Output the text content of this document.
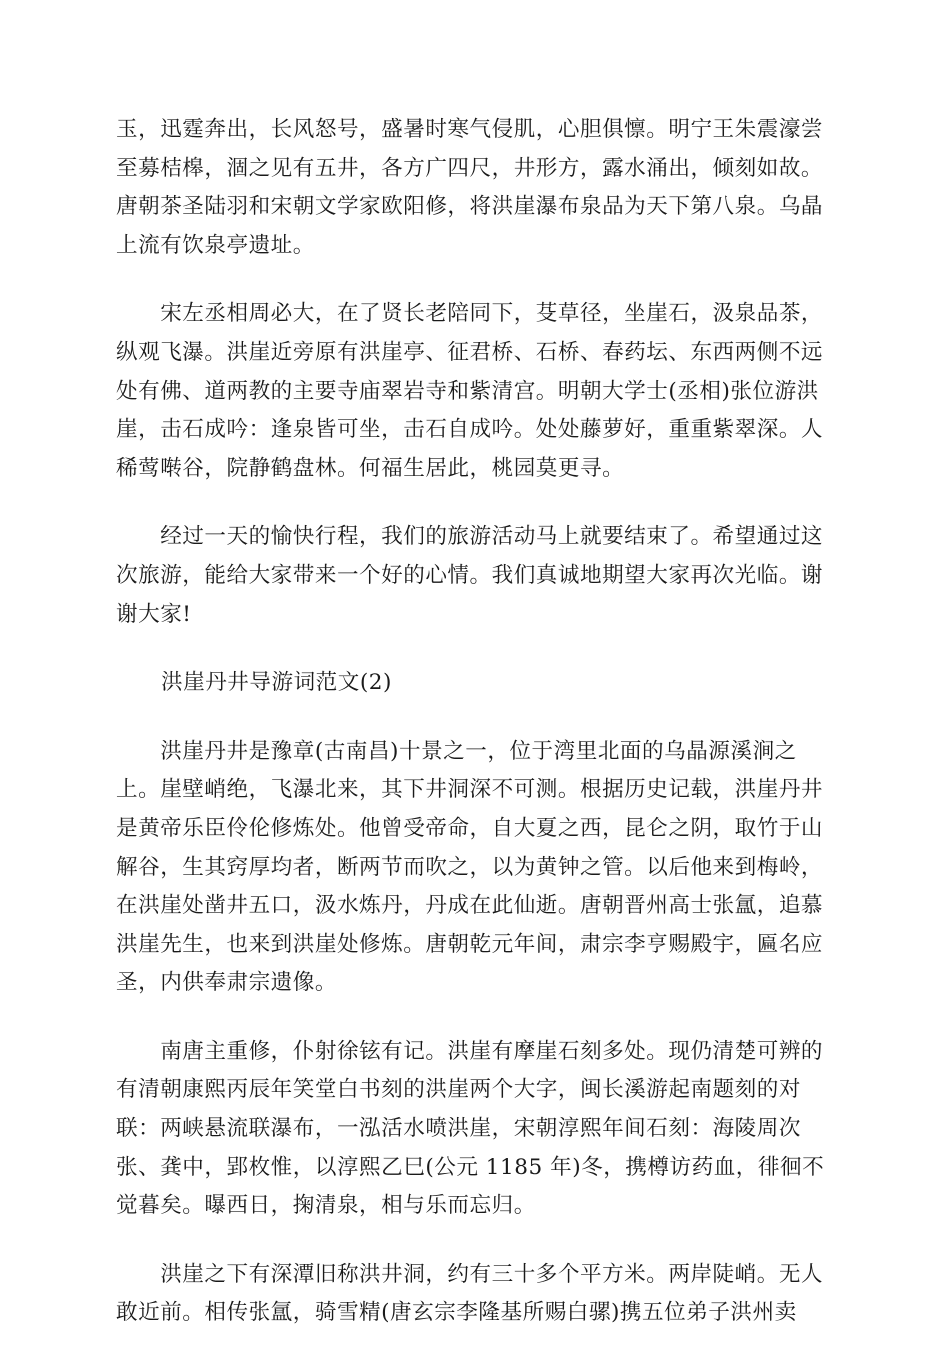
玉，迅霆奔出，长风怒号，盛暑时寒气侵肌，心胆俱懔。明宁王朱震濠尝
至募桔槔，涸之见有五井，各方广四尺，井形方，露水涌出，倾刻如故。
唐朝茶圣陆羽和宋朝文学家欧阳修，将洪崖瀑布泉品为天下第八泉。乌晶
上流有饮泉亭遗址。
　　宋左丞相周必大，在了贤长老陪同下，芟草径，坐崖石，汲泉品茶，
纵观飞瀑。洪崖近旁原有洪崖亭、征君桥、石桥、春药坛、东西两侧不远
处有佛、道两教的主要寺庙翠岩寺和紫清宫。明朝大学士(丞相)张位游洪
崖，击石成吟：逢泉皆可坐，击石自成吟。处处藤萝好，重重紫翠深。人
稀莺啭谷，院静鹤盘林。何福生居此，桃园莫更寻。
　　经过一天的愉快行程，我们的旅游活动马上就要结束了。希望通过这
次旅游，能给大家带来一个好的心情。我们真诚地期望大家再次光临。谢
谢大家!
洪崖丹井导游词范文(2)
　　洪崖丹井是豫章(古南昌)十景之一，位于湾里北面的乌晶源溪涧之
上。崖壁峭绝，飞瀑北来，其下井洞深不可测。根据历史记载，洪崖丹井
是黄帝乐臣伶伦修炼处。他曾受帝命，自大夏之西，昆仑之阴，取竹于山
解谷，生其窍厚均者，断两节而吹之，以为黄钟之管。以后他来到梅岭，
在洪崖处凿井五口，汲水炼丹，丹成在此仙逝。唐朝晋州高士张氲，追慕
洪崖先生，也来到洪崖处修炼。唐朝乾元年间，肃宗李亨赐殿宇，匾名应
圣，内供奉肃宗遗像。
　　南唐主重修，仆射徐铉有记。洪崖有摩崖石刻多处。现仍清楚可辨的
有清朝康熙丙辰年笑堂白书刻的洪崖两个大字，闽长溪游起南题刻的对
联：两峡悬流联瀑布，一泓活水喷洪崖，宋朝淳熙年间石刻：海陵周次
张、龚中，郢枚惟，以淳熙乙巳(公元 1185 年)冬，携樽访药血，徘徊不
觉暮矣。曝西日，掬清泉，相与乐而忘归。
　　洪崖之下有深潭旧称洪井洞，约有三十多个平方米。两岸陡峭。无人
敢近前。相传张氲，骑雪精(唐玄宗李隆基所赐白骡)携五位弟子洪州卖
